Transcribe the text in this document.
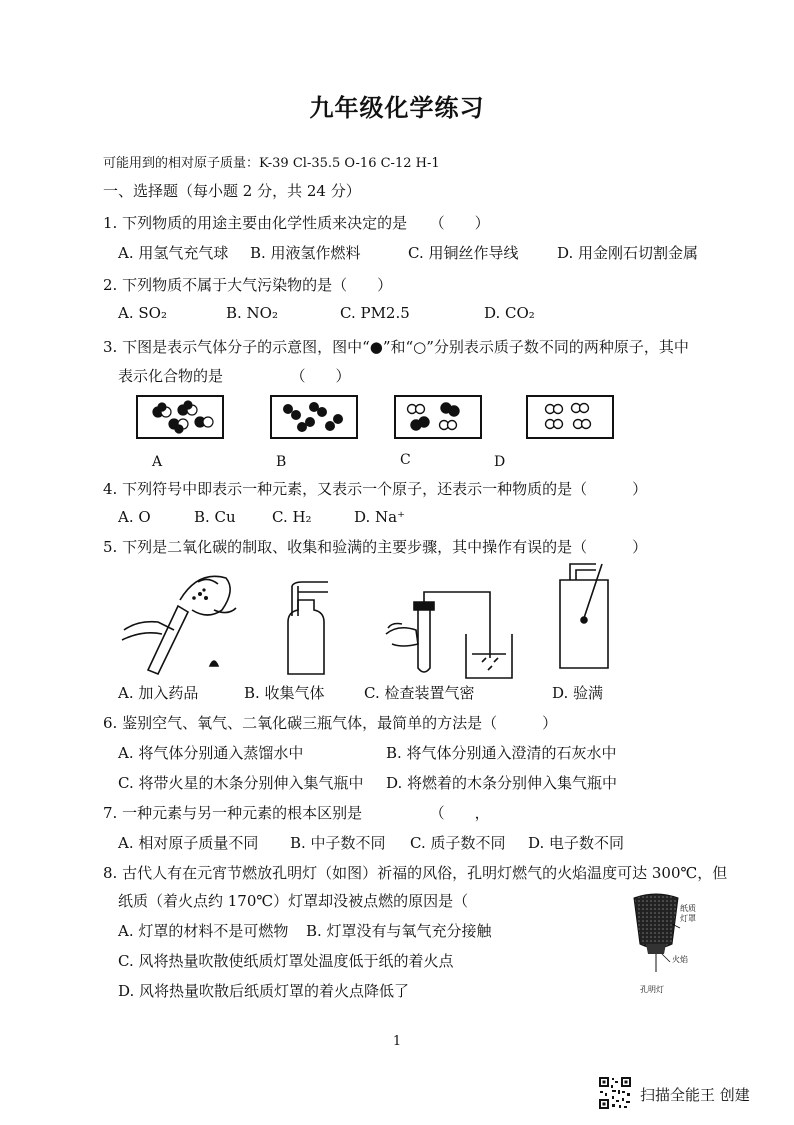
九年级化学练习
可能用到的相对原子质量：K-39 Cl-35.5 O-16 C-12 H-1
一、选择题（每小题 2 分，共 24 分）
1. 下列物质的用途主要由化学性质来决定的是　　（　　）
A. 用氢气充气球 B. 用液氢作燃料	C. 用铜丝作导线	D. 用金刚石切割金属
2. 下列物质不属于大气污染物的是（　　）
A. SO₂	B. NO₂	C. PM2.5	D. CO₂
3. 下图是表示气体分子的示意图，图中“●”和“○”分别表示质子数不同的两种原子，其中
表示化合物的是　　　　　（　　）
A	B	C	D
4. 下列符号中即表示一种元素，又表示一个原子，还表示一种物质的是（　　　）
A. O	B. Cu C. H₂	D. Na⁺
5. 下列是二氧化碳的制取、收集和验满的主要步骤，其中操作有误的是（　　　）
A. 加入药品	B. 收集气体	C. 检查装置气密	D. 验满
6. 鉴别空气、氧气、二氧化碳三瓶气体，最简单的方法是（　　　）
A. 将气体分别通入蒸馏水中	B. 将气体分别通入澄清的石灰水中
C. 将带火星的木条分别伸入集气瓶中 D. 将燃着的木条分别伸入集气瓶中
7. 一种元素与另一种元素的根本区别是　　　　　（　　，
A. 相对原子质量不同 B. 中子数不同 C. 质子数不同 D. 电子数不同
8. 古代人有在元宵节燃放孔明灯（如图）祈福的风俗，孔明灯燃气的火焰温度可达 300℃，但
纸质（着火点约 170℃）灯罩却没被点燃的原因是（
A. 灯罩的材料不是可燃物 B. 灯罩没有与氧气充分接触
C. 风将热量吹散使纸质灯罩处温度低于纸的着火点
D. 风将热量吹散后纸质灯罩的着火点降低了
纸质
灯罩
火焰
孔明灯
1
扫描全能王 创建
